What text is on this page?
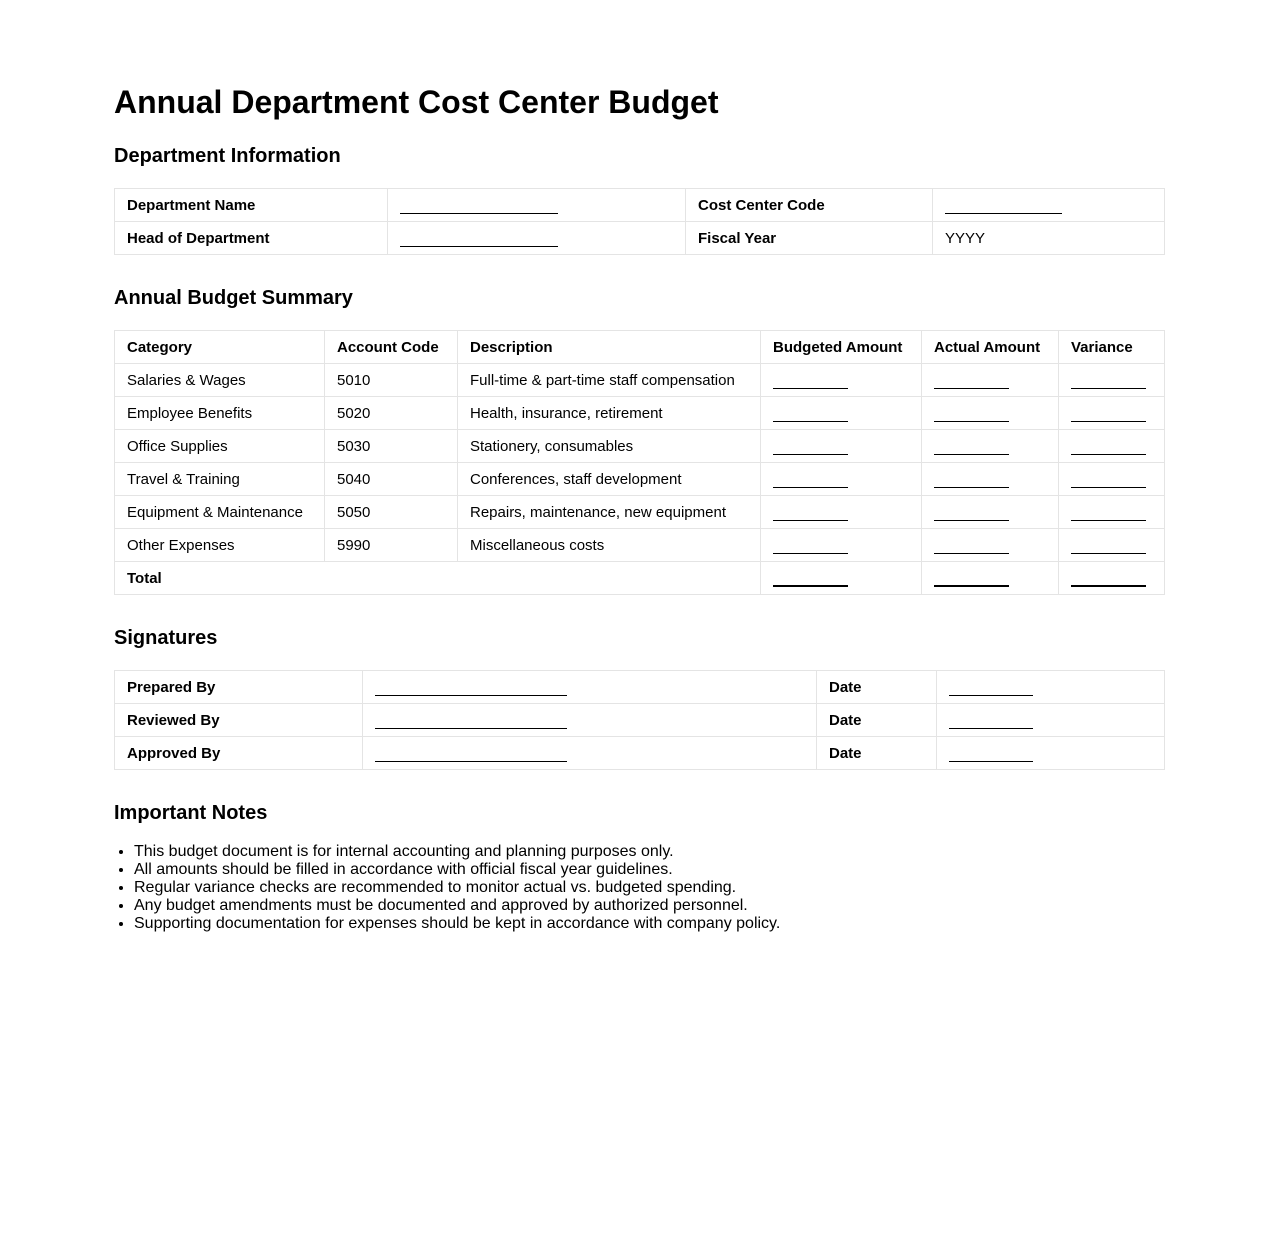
Annual Department Cost Center Budget
Department Information
Department Name		Cost Center Code	
Head of Department		Fiscal Year	YYYY
Annual Budget Summary
Category	Account Code	Description	Budgeted Amount	Actual Amount	Variance
Salaries & Wages	5010	Full-time & part-time staff compensation			
Employee Benefits	5020	Health, insurance, retirement			
Office Supplies	5030	Stationery, consumables			
Travel & Training	5040	Conferences, staff development			
Equipment & Maintenance	5050	Repairs, maintenance, new equipment			
Other Expenses	5990	Miscellaneous costs			
Total					
Signatures
Prepared By		Date	
Reviewed By		Date	
Approved By		Date	
Important Notes
• This budget document is for internal accounting and planning purposes only.
• All amounts should be filled in accordance with official fiscal year guidelines.
• Regular variance checks are recommended to monitor actual vs. budgeted spending.
• Any budget amendments must be documented and approved by authorized personnel.
• Supporting documentation for expenses should be kept in accordance with company policy.
